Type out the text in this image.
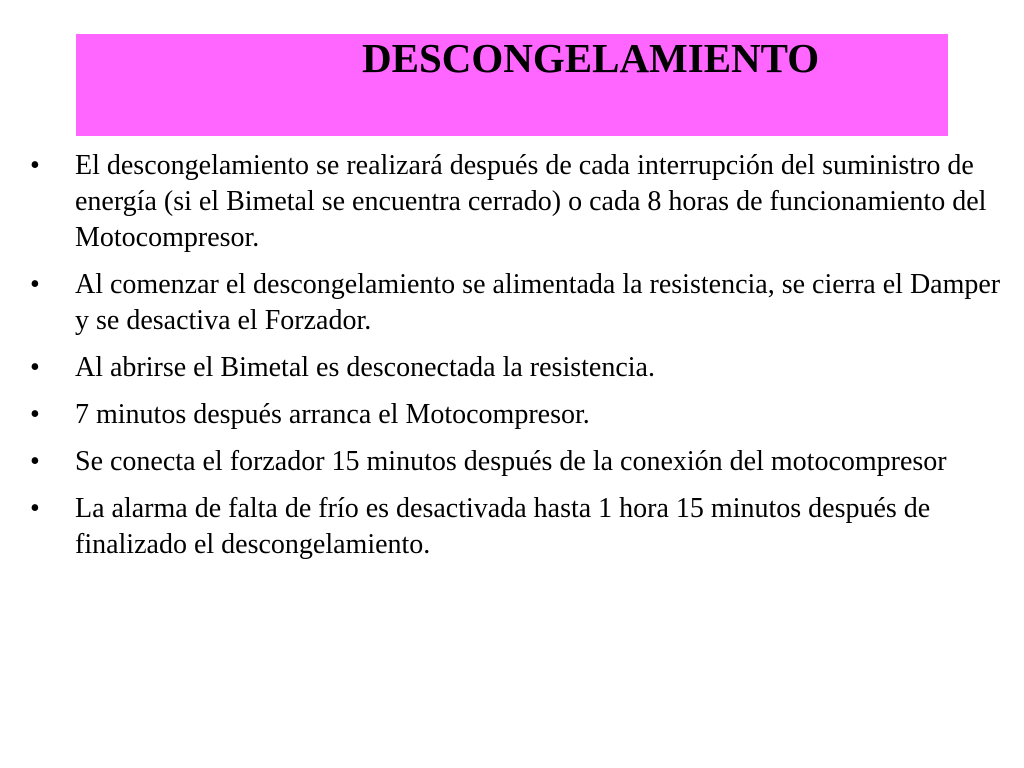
DESCONGELAMIENTO
•	El descongelamiento se realizará después de cada interrupción del suministro de energía (si el Bimetal se encuentra cerrado) o cada 8 horas de funcionamiento del Motocompresor.
•	Al comenzar el descongelamiento se alimentada la resistencia, se cierra el Damper y se desactiva el Forzador.
•	Al abrirse el Bimetal es desconectada la resistencia.
•	7 minutos después arranca el Motocompresor.
•	Se conecta el forzador 15 minutos después de la conexión del motocompresor
•	La alarma de falta de frío es desactivada hasta 1 hora 15 minutos después de finalizado el descongelamiento.
